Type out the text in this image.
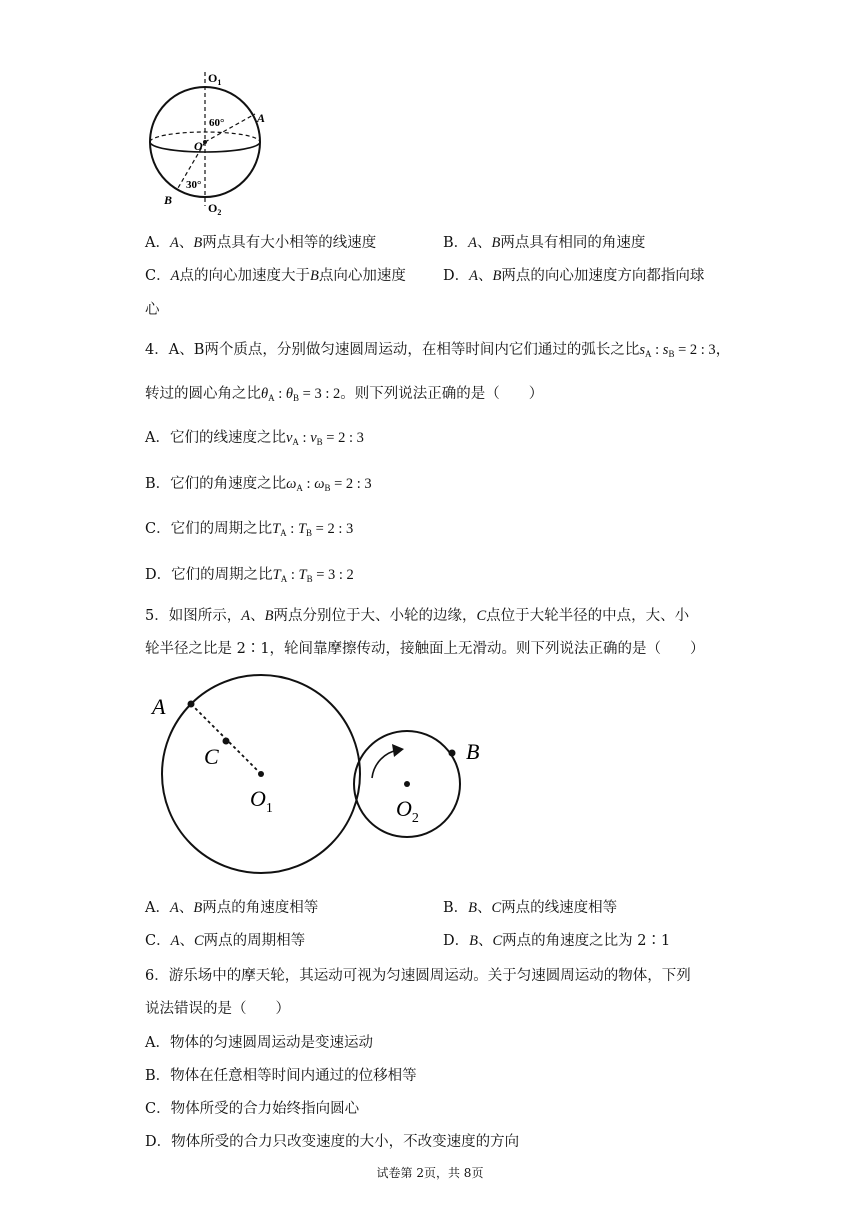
$O_1$
60°	A
O
30°
B
$O_2$
A．A、B两点具有大小相等的线速度	B．A、B两点具有相同的角速度
C．A点的向心加速度大于B点向心加速度	D．A、B两点的向心加速度方向都指向球
心
4．A、B两个质点，分别做匀速圆周运动，在相等时间内它们通过的弧长之比$s_A$ : $s_B = 2$ : 3，
转过的圆心角之比$\theta_A$ : $\theta_B = 3$ : 2。则下列说法正确的是（　　）
A．它们的线速度之比$v_A$ : $v_B = 2$ : 3
B．它们的角速度之比$\omega_A$ : $\omega_B = 2$ : 3
C．它们的周期之比$T_A$ : $T_B = 2$ : 3
D．它们的周期之比$T_A$ : $T_B = 3$ : 2
5．如图所示，A、B两点分别位于大、小轮的边缘，C点位于大轮半径的中点，大、小
轮半径之比是 2∶1，轮间靠摩擦传动，接触面上无滑动。则下列说法正确的是（　　）
A
C
$O_1$
B
$O_2$
A．A、B两点的角速度相等	B．B、C两点的线速度相等
C．A、C两点的周期相等	D．B、C两点的角速度之比为 2∶1
6．游乐场中的摩天轮，其运动可视为匀速圆周运动。关于匀速圆周运动的物体，下列
说法错误的是（　　）
A．物体的匀速圆周运动是变速运动
B．物体在任意相等时间内通过的位移相等
C．物体所受的合力始终指向圆心
D．物体所受的合力只改变速度的大小，不改变速度的方向
试卷第 2页，共 8页
